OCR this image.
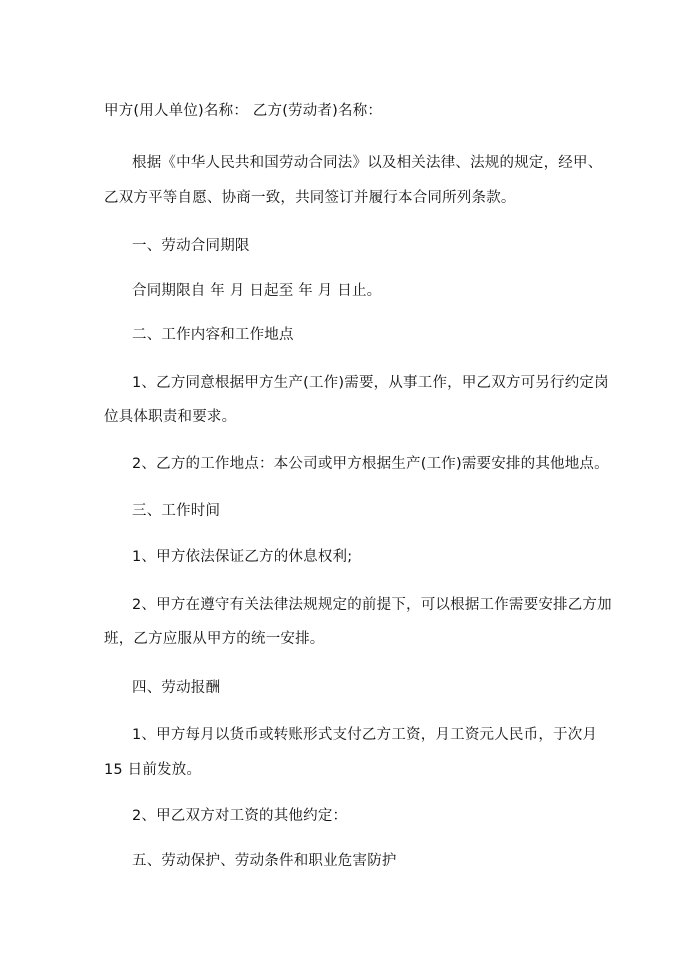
甲方(用人单位)名称： 乙方(劳动者)名称：
根据《中华人民共和国劳动合同法》以及相关法律、法规的规定，经甲、
乙双方平等自愿、协商一致，共同签订并履行本合同所列条款。
一、劳动合同期限
合同期限自 年 月 日起至 年 月 日止。
二、工作内容和工作地点
1、乙方同意根据甲方生产(工作)需要，从事工作，甲乙双方可另行约定岗
位具体职责和要求。
2、乙方的工作地点：本公司或甲方根据生产(工作)需要安排的其他地点。
三、工作时间
1、甲方依法保证乙方的休息权利;
2、甲方在遵守有关法律法规规定的前提下，可以根据工作需要安排乙方加
班，乙方应服从甲方的统一安排。
四、劳动报酬
1、甲方每月以货币或转账形式支付乙方工资，月工资元人民币，于次月
15 日前发放。
2、甲乙双方对工资的其他约定：
五、劳动保护、劳动条件和职业危害防护
